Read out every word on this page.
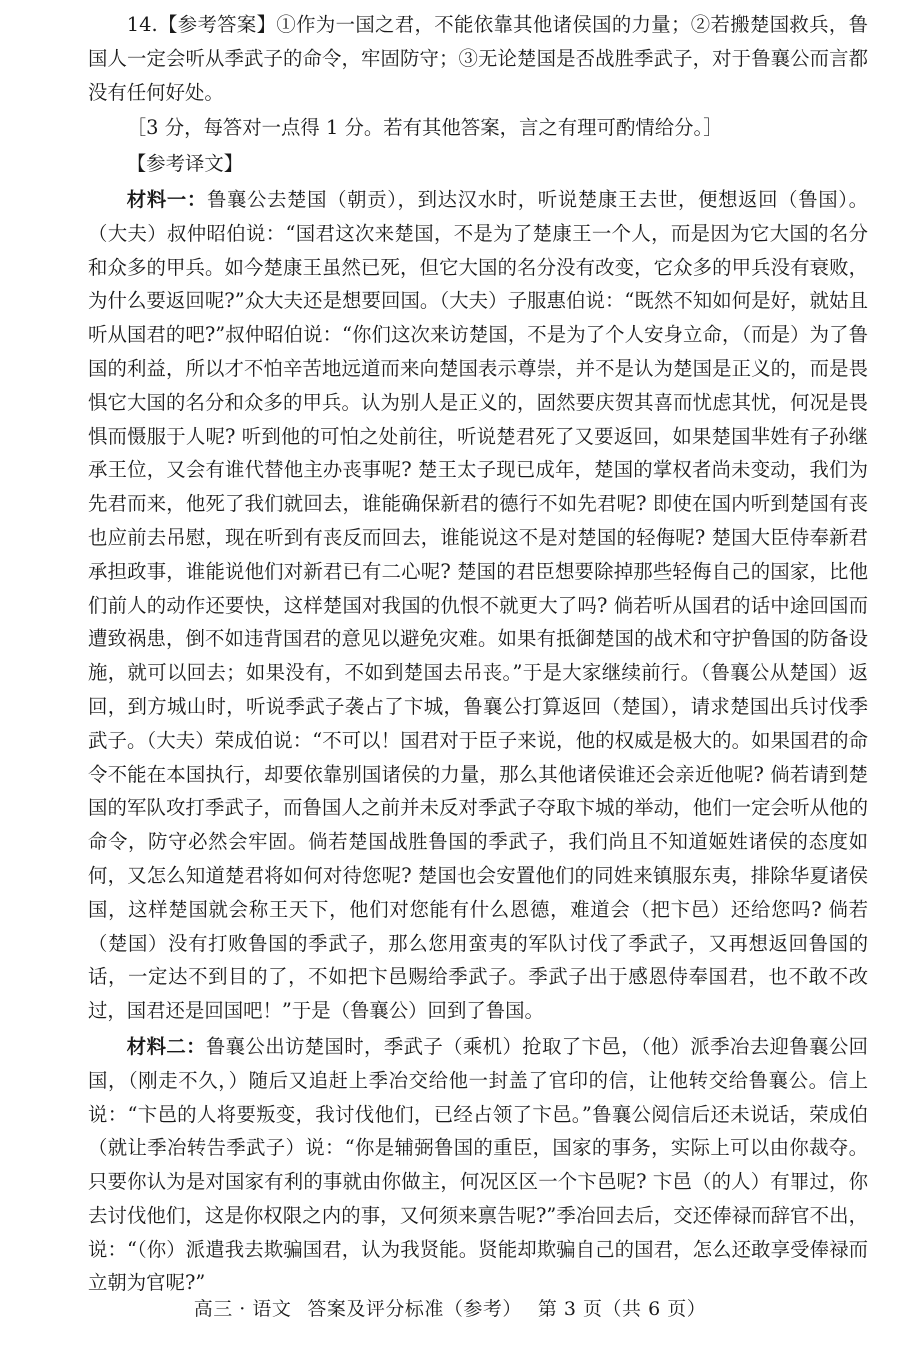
14.【参考答案】①作为一国之君，不能依靠其他诸侯国的力量；②若搬楚国救兵，鲁国人一定会听从季武子的命令，牢固防守；③无论楚国是否战胜季武子，对于鲁襄公而言都没有任何好处。

［3 分，每答对一点得 1 分。若有其他答案，言之有理可酌情给分。］

【参考译文】

材料一：鲁襄公去楚国（朝贡），到达汉水时，听说楚康王去世，便想返回（鲁国）。（大夫）叔仲昭伯说：“国君这次来楚国，不是为了楚康王一个人，而是因为它大国的名分和众多的甲兵。如今楚康王虽然已死，但它大国的名分没有改变，它众多的甲兵没有衰败，为什么要返回呢?”众大夫还是想要回国。（大夫）子服惠伯说：“既然不知如何是好，就姑且听从国君的吧?”叔仲昭伯说：“你们这次来访楚国，不是为了个人安身立命，（而是）为了鲁国的利益，所以才不怕辛苦地远道而来向楚国表示尊崇，并不是认为楚国是正义的，而是畏惧它大国的名分和众多的甲兵。认为别人是正义的，固然要庆贺其喜而忧虑其忧，何况是畏惧而慑服于人呢? 听到他的可怕之处前往，听说楚君死了又要返回，如果楚国芈姓有子孙继承王位，又会有谁代替他主办丧事呢? 楚王太子现已成年，楚国的掌权者尚未变动，我们为先君而来，他死了我们就回去，谁能确保新君的德行不如先君呢? 即使在国内听到楚国有丧也应前去吊慰，现在听到有丧反而回去，谁能说这不是对楚国的轻侮呢? 楚国大臣侍奉新君承担政事，谁能说他们对新君已有二心呢? 楚国的君臣想要除掉那些轻侮自己的国家，比他们前人的动作还要快，这样楚国对我国的仇恨不就更大了吗? 倘若听从国君的话中途回国而遭致祸患，倒不如违背国君的意见以避免灾难。如果有抵御楚国的战术和守护鲁国的防备设施，就可以回去；如果没有，不如到楚国去吊丧。”于是大家继续前行。（鲁襄公从楚国）返回，到方城山时，听说季武子袭占了卞城，鲁襄公打算返回（楚国），请求楚国出兵讨伐季武子。（大夫）荣成伯说：“不可以！国君对于臣子来说，他的权威是极大的。如果国君的命令不能在本国执行，却要依靠别国诸侯的力量，那么其他诸侯谁还会亲近他呢? 倘若请到楚国的军队攻打季武子，而鲁国人之前并未反对季武子夺取卞城的举动，他们一定会听从他的命令，防守必然会牢固。倘若楚国战胜鲁国的季武子，我们尚且不知道姬姓诸侯的态度如何，又怎么知道楚君将如何对待您呢? 楚国也会安置他们的同姓来镇服东夷，排除华夏诸侯国，这样楚国就会称王天下，他们对您能有什么恩德，难道会（把卞邑）还给您吗? 倘若（楚国）没有打败鲁国的季武子，那么您用蛮夷的军队讨伐了季武子，又再想返回鲁国的话，一定达不到目的了，不如把卞邑赐给季武子。季武子出于感恩侍奉国君，也不敢不改过，国君还是回国吧！”于是（鲁襄公）回到了鲁国。

材料二：鲁襄公出访楚国时，季武子（乘机）抢取了卞邑，（他）派季冶去迎鲁襄公回国，（刚走不久，）随后又追赶上季冶交给他一封盖了官印的信，让他转交给鲁襄公。信上说：“卞邑的人将要叛变，我讨伐他们，已经占领了卞邑。”鲁襄公阅信后还未说话，荣成伯（就让季冶转告季武子）说：“你是辅弼鲁国的重臣，国家的事务，实际上可以由你裁夺。只要你认为是对国家有利的事就由你做主，何况区区一个卞邑呢? 卞邑（的人）有罪过，你去讨伐他们，这是你权限之内的事，又何须来禀告呢?”季冶回去后，交还俸禄而辞官不出，说：“（你）派遣我去欺骗国君，认为我贤能。贤能却欺骗自己的国君，怎么还敢享受俸禄而立朝为官呢?”

高三 · 语文 答案及评分标准（参考） 第 3 页（共 6 页）
